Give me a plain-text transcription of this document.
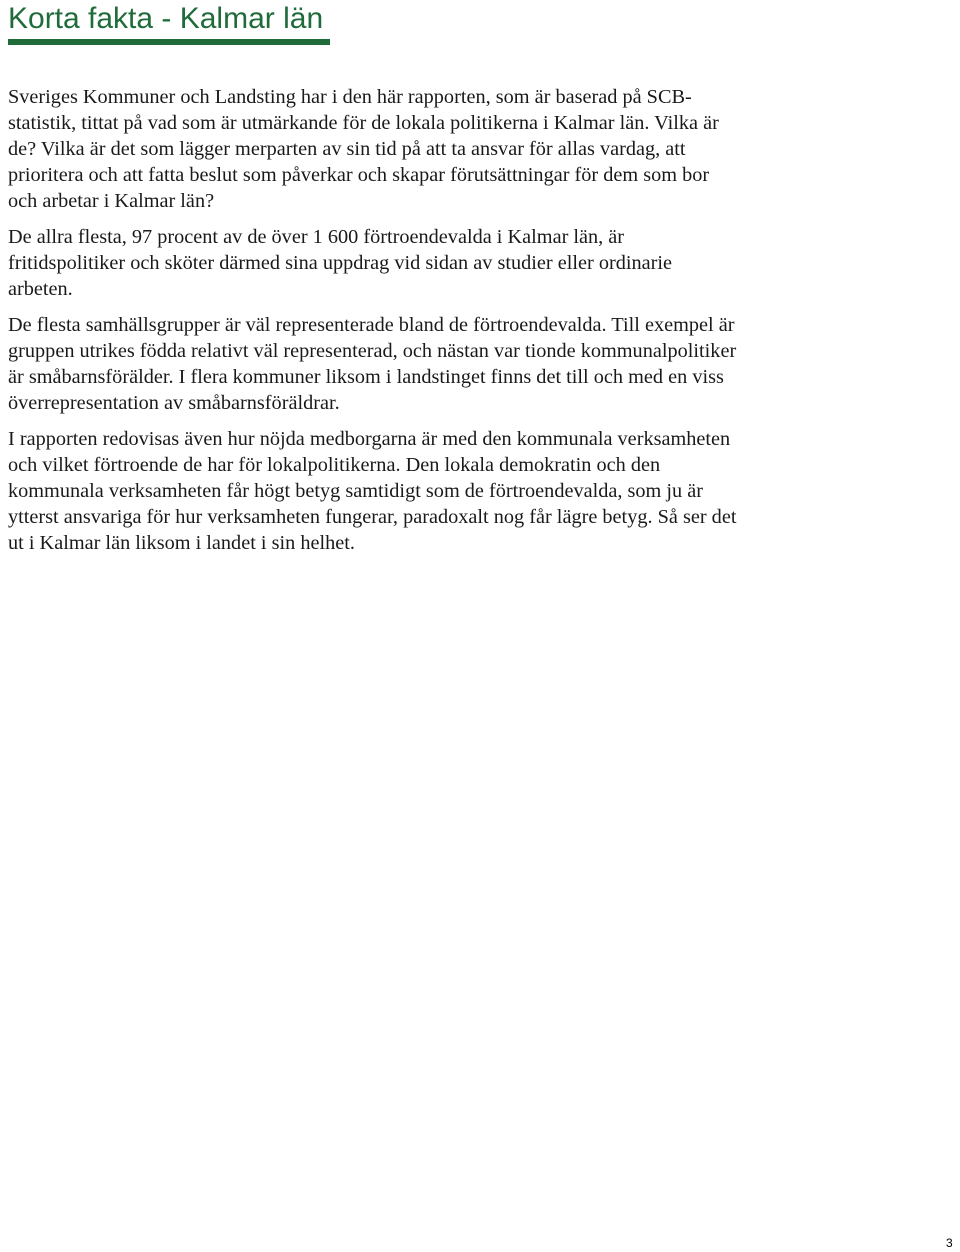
Korta fakta - Kalmar län

Sveriges Kommuner och Landsting har i den här rapporten, som är baserad på SCB-statistik, tittat på vad som är utmärkande för de lokala politikerna i Kalmar län. Vilka är de? Vilka är det som lägger merparten av sin tid på att ta ansvar för allas vardag, att prioritera och att fatta beslut som påverkar och skapar förutsättningar för dem som bor och arbetar i Kalmar län?

De allra flesta, 97 procent av de över 1 600 förtroendevalda i Kalmar län, är fritidspolitiker och sköter därmed sina uppdrag vid sidan av studier eller ordinarie arbeten.

De flesta samhällsgrupper är väl representerade bland de förtroendevalda. Till exempel är gruppen utrikes födda relativt väl representerad, och nästan var tionde kommunalpolitiker är småbarnsförälder. I flera kommuner liksom i landstinget finns det till och med en viss överrepresentation av småbarnsföräldrar.

I rapporten redovisas även hur nöjda medborgarna är med den kommunala verksamheten och vilket förtroende de har för lokalpolitikerna. Den lokala demokratin och den kommunala verksamheten får högt betyg samtidigt som de förtroendevalda, som ju är ytterst ansvariga för hur verksamheten fungerar, paradoxalt nog får lägre betyg. Så ser det ut i Kalmar län liksom i landet i sin helhet.

3
